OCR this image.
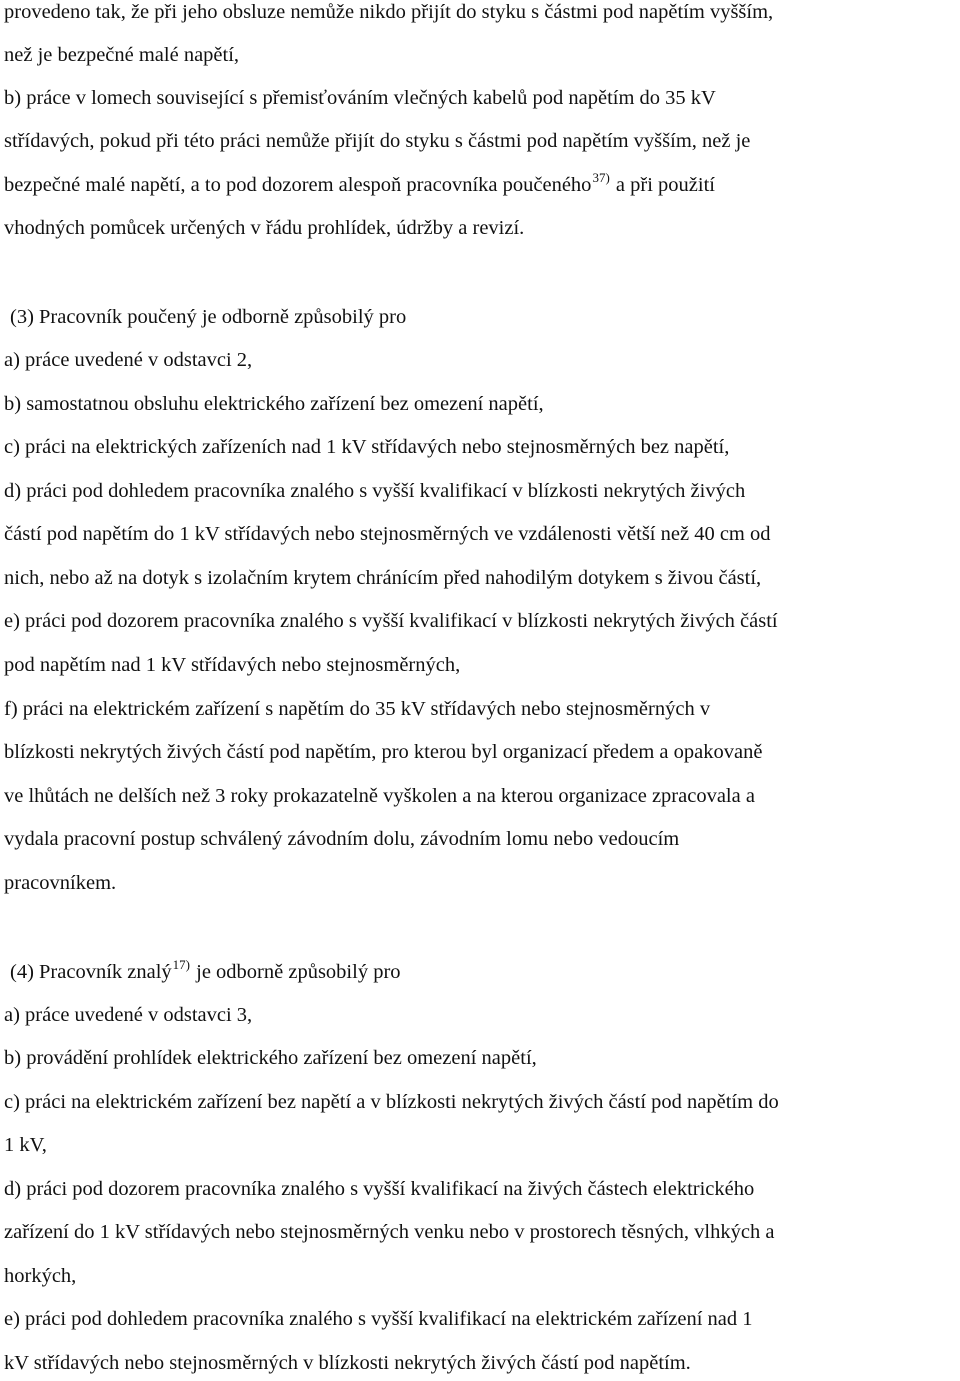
provedeno tak, že při jeho obsluze nemůže nikdo přijít do styku s částmi pod napětím vyšším,
než je bezpečné malé napětí,
b) práce v lomech související s přemisťováním vlečných kabelů pod napětím do 35 kV
střídavých, pokud při této práci nemůže přijít do styku s částmi pod napětím vyšším, než je
bezpečné malé napětí, a to pod dozorem alespoň pracovníka poučeného$^{37)}$ a při použití
vhodných pomůcek určených v řádu prohlídek, údržby a revizí.
(3) Pracovník poučený je odborně způsobilý pro
a) práce uvedené v odstavci 2,
b) samostatnou obsluhu elektrického zařízení bez omezení napětí,
c) práci na elektrických zařízeních nad 1 kV střídavých nebo stejnosměrných bez napětí,
d) práci pod dohledem pracovníka znalého s vyšší kvalifikací v blízkosti nekrytých živých
částí pod napětím do 1 kV střídavých nebo stejnosměrných ve vzdálenosti větší než 40 cm od
nich, nebo až na dotyk s izolačním krytem chránícím před nahodilým dotykem s živou částí,
e) práci pod dozorem pracovníka znalého s vyšší kvalifikací v blízkosti nekrytých živých částí
pod napětím nad 1 kV střídavých nebo stejnosměrných,
f) práci na elektrickém zařízení s napětím do 35 kV střídavých nebo stejnosměrných v
blízkosti nekrytých živých částí pod napětím, pro kterou byl organizací předem a opakovaně
ve lhůtách ne delších než 3 roky prokazatelně vyškolen a na kterou organizace zpracovala a
vydala pracovní postup schválený závodním dolu, závodním lomu nebo vedoucím
pracovníkem.
(4) Pracovník znalý$^{17)}$ je odborně způsobilý pro
a) práce uvedené v odstavci 3,
b) provádění prohlídek elektrického zařízení bez omezení napětí,
c) práci na elektrickém zařízení bez napětí a v blízkosti nekrytých živých částí pod napětím do
1 kV,
d) práci pod dozorem pracovníka znalého s vyšší kvalifikací na živých částech elektrického
zařízení do 1 kV střídavých nebo stejnosměrných venku nebo v prostorech těsných, vlhkých a
horkých,
e) práci pod dohledem pracovníka znalého s vyšší kvalifikací na elektrickém zařízení nad 1
kV střídavých nebo stejnosměrných v blízkosti nekrytých živých částí pod napětím.
